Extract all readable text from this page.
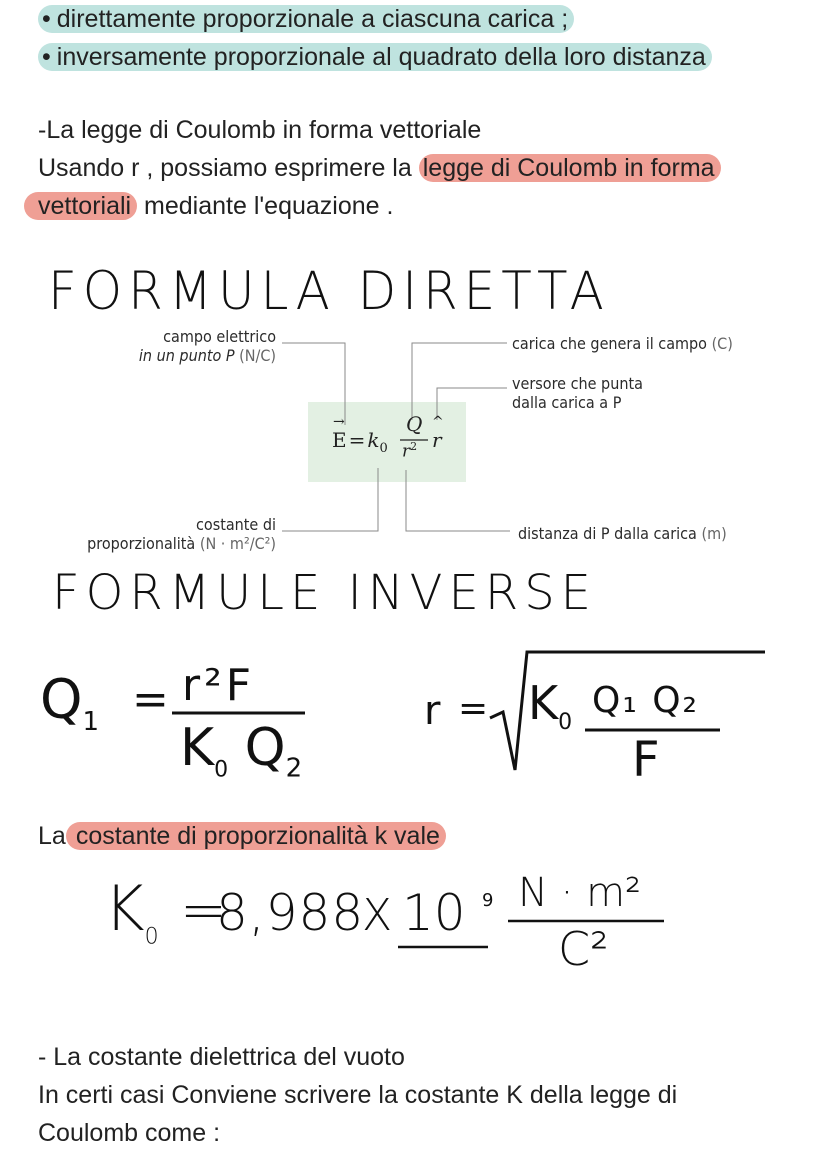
• direttamente proporzionale a ciascuna carica ;
• inversamente proporzionale al quadrato della loro distanza
-La legge di Coulomb in forma vettoriale
Usando r , possiamo esprimere la legge di Coulomb in forma
vettoriali mediante l'equazione .
FORMULA DIRETTA
campo elettrico
in un punto P (N/C)
carica che genera il campo (C)
versore che punta
dalla carica a P
costante di
proporzionalità (N · m²/C²)
distanza di P dalla carica (m)
→
$E = k_0$
Q
$r^2$
^
r
FORMULE INVERSE
$Q_1 = r^2F$
$K_0$ $Q_2$
$r = K_0$
Q₁ Q₂
F
La costante di proporzionalità k vale
$K_0$ =
8,988
X 10 9 N · m²
C²
- La costante dielettrica del vuoto
In certi casi Conviene scrivere la costante K della legge di
Coulomb come :
